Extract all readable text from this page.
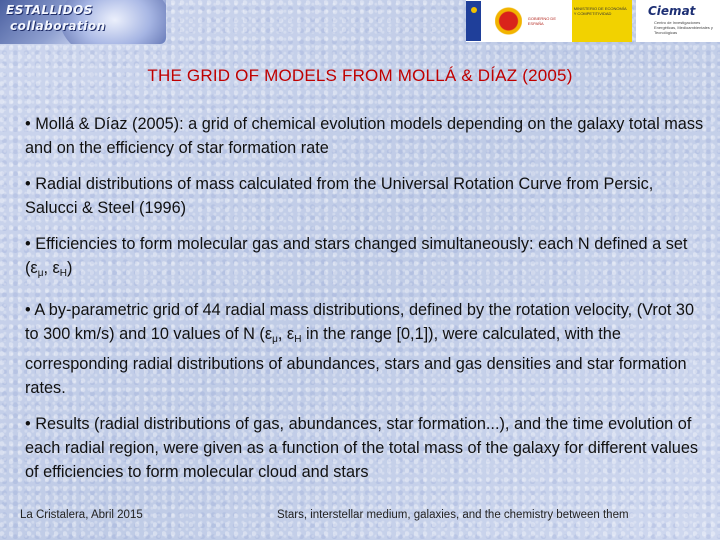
ESTALLIDOS
collaboration
GOBIERNO DE ESPAÑA
MINISTERIO DE ECONOMÍA Y COMPETITIVIDAD	Ciemat
Centro de Investigaciones Energéticas, Medioambientales y Tecnológicas
THE GRID OF MODELS FROM MOLLÁ & DÍAZ (2005)

• Mollá & Díaz (2005): a grid of chemical evolution models depending on the galaxy total mass and on the efficiency of star formation rate

• Radial distributions of mass calculated from the Universal Rotation Curve from Persic, Salucci & Steel (1996)

• Efficiencies to form molecular gas and stars changed simultaneously: each N defined a set ($\varepsilon_\mu$, $\varepsilon_H$)

• A by-parametric grid of 44 radial mass distributions, defined by the rotation velocity, (Vrot 30 to 300 km/s) and 10 values of N ($\varepsilon_\mu$, $\varepsilon_H$ in the range [0,1]), were calculated, with the corresponding radial distributions of abundances, stars and gas densities and star formation rates.

• Results (radial distributions of gas, abundances, star formation...), and the time evolution of each radial region, were given as a function of the total mass of the galaxy for different values of efficiencies to form molecular cloud and stars

La Cristalera, Abril 2015	Stars, interstellar medium, galaxies, and the chemistry between them
